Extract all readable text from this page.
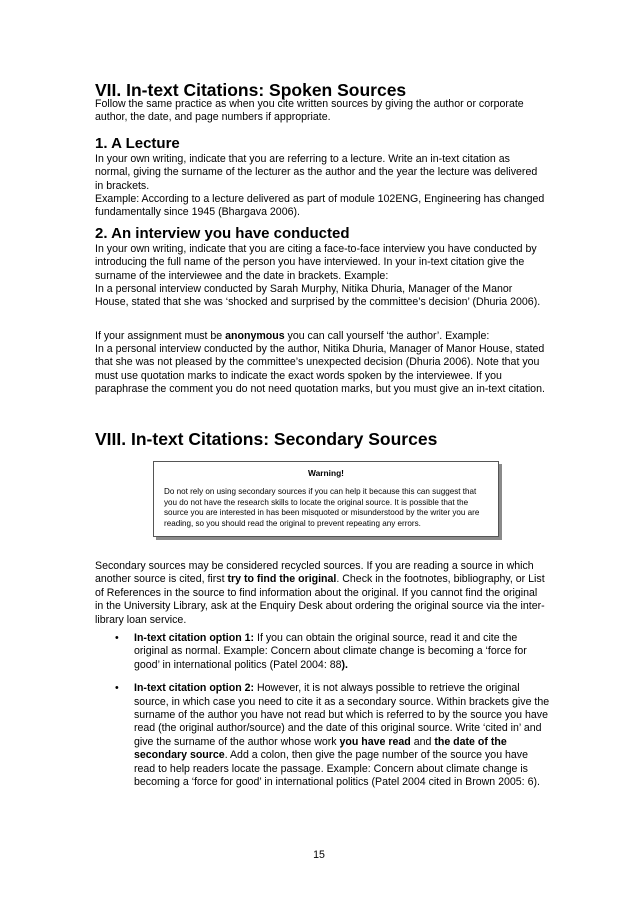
VII. In-text Citations: Spoken Sources

Follow the same practice as when you cite written sources by giving the author or corporate author, the date, and page numbers if appropriate.

1. A Lecture

In your own writing, indicate that you are referring to a lecture. Write an in-text citation as normal, giving the surname of the lecturer as the author and the year the lecture was delivered in brackets.

Example: According to a lecture delivered as part of module 102ENG, Engineering has changed fundamentally since 1945 (Bhargava 2006).

2. An interview you have conducted

In your own writing, indicate that you are citing a face-to-face interview you have conducted by introducing the full name of the person you have interviewed. In your in-text citation give the surname of the interviewee and the date in brackets. Example:

In a personal interview conducted by Sarah Murphy, Nitika Dhuria, Manager of the Manor House, stated that she was ‘shocked and surprised by the committee’s decision’ (Dhuria 2006).

If your assignment must be anonymous you can call yourself ‘the author’. Example:

In a personal interview conducted by the author, Nitika Dhuria, Manager of Manor House, stated that she was not pleased by the committee’s unexpected decision (Dhuria 2006). Note that you must use quotation marks to indicate the exact words spoken by the interviewee. If you paraphrase the comment you do not need quotation marks, but you must give an in-text citation.

VIII. In-text Citations: Secondary Sources
Warning!
Do not rely on using secondary sources if you can help it because this can suggest that you do not have the research skills to locate the original source. It is possible that the source you are interested in has been misquoted or misunderstood by the writer you are reading, so you should read the original to prevent repeating any errors.

Secondary sources may be considered recycled sources. If you are reading a source in which another source is cited, first try to find the original. Check in the footnotes, bibliography, or List of References in the source to find information about the original. If you cannot find the original in the University Library, ask at the Enquiry Desk about ordering the original source via the inter-library loan service.

• In-text citation option 1: If you can obtain the original source, read it and cite the original as normal. Example: Concern about climate change is becoming a ‘force for good’ in international politics (Patel 2004: 88).
• In-text citation option 2: However, it is not always possible to retrieve the original source, in which case you need to cite it as a secondary source. Within brackets give the surname of the author you have not read but which is referred to by the source you have read (the original author/source) and the date of this original source. Write ‘cited in’ and give the surname of the author whose work you have read and the date of the secondary source. Add a colon, then give the page number of the source you have read to help readers locate the passage. Example: Concern about climate change is becoming a ‘force for good’ in international politics (Patel 2004 cited in Brown 2005: 6).
15
